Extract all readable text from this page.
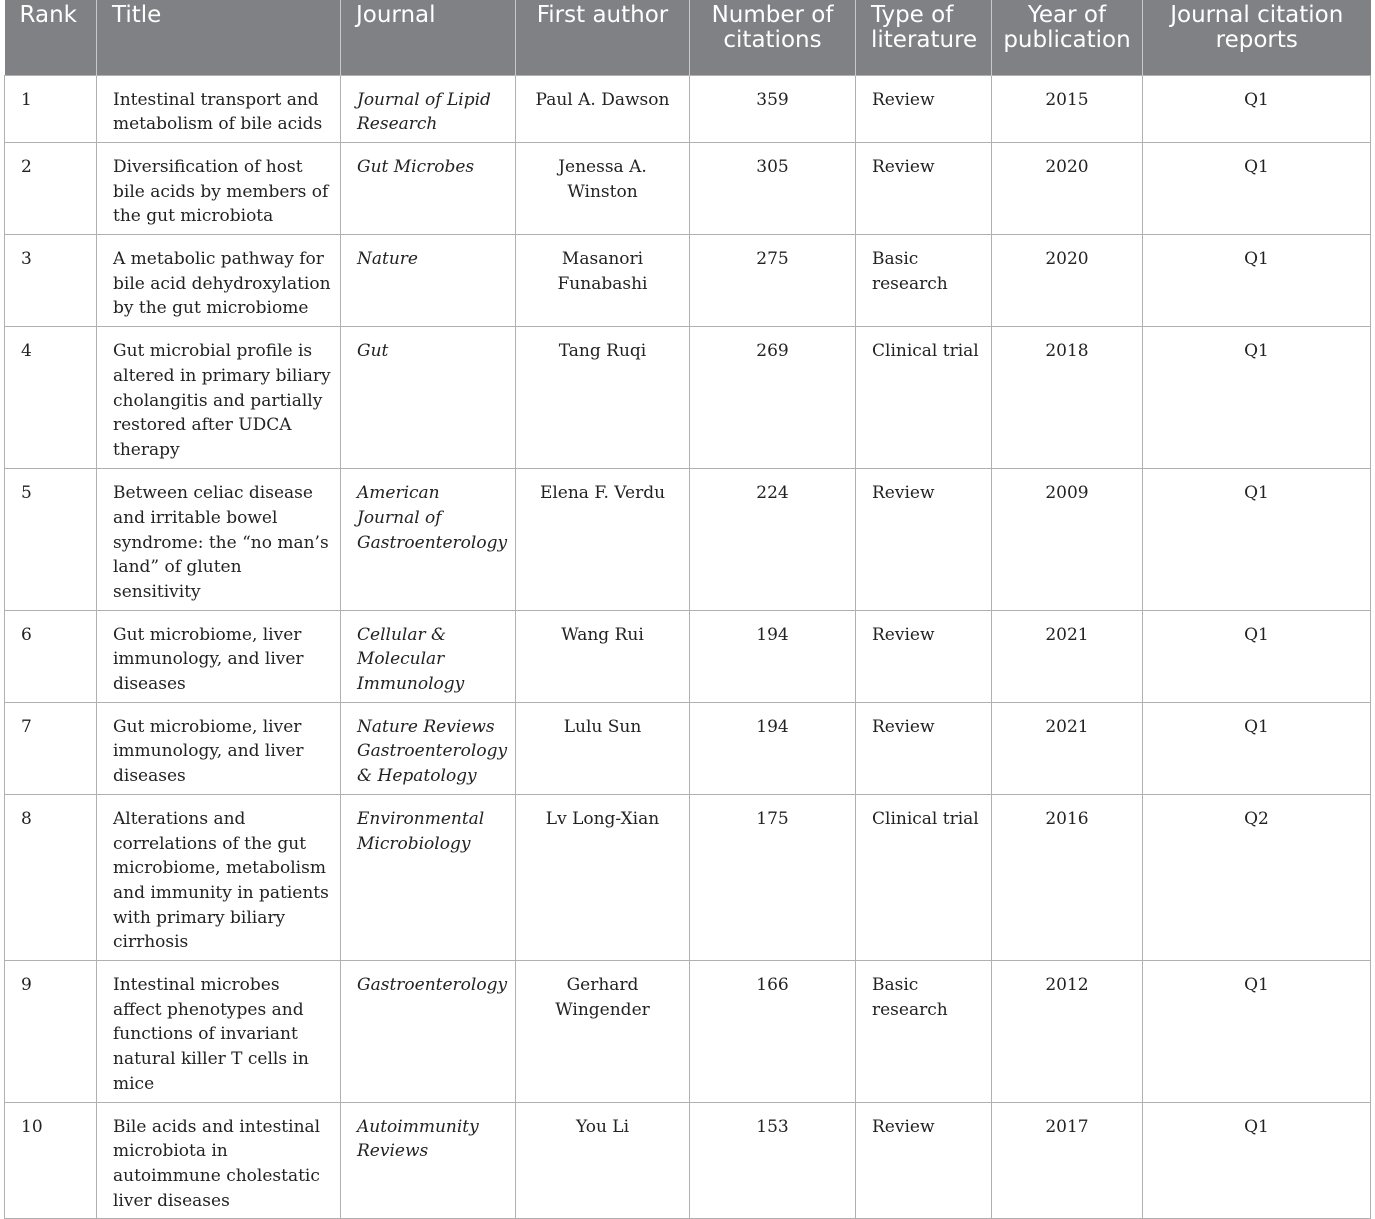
Rank	Title	Journal	First author	Number of citations	Type of literature	Year of publication	Journal citation reports
1	Intestinal transport and metabolism of bile acids	Journal of Lipid Research	Paul A. Dawson	359	Review	2015	Q1
2	Diversification of host bile acids by members of the gut microbiota	Gut Microbes	Jenessa A. Winston	305	Review	2020	Q1
3	A metabolic pathway for bile acid dehydroxylation by the gut microbiome	Nature	Masanori Funabashi	275	Basic research	2020	Q1
4	Gut microbial profile is altered in primary biliary cholangitis and partially restored after UDCA therapy	Gut	Tang Ruqi	269	Clinical trial	2018	Q1
5	Between celiac disease and irritable bowel syndrome: the “no man’s land” of gluten sensitivity	American Journal of Gastroenterology	Elena F. Verdu	224	Review	2009	Q1
6	Gut microbiome, liver immunology, and liver diseases	Cellular & Molecular Immunology	Wang Rui	194	Review	2021	Q1
7	Gut microbiome, liver immunology, and liver diseases	Nature Reviews Gastroenterology & Hepatology	Lulu Sun	194	Review	2021	Q1
8	Alterations and correlations of the gut microbiome, metabolism and immunity in patients with primary biliary cirrhosis	Environmental Microbiology	Lv Long-Xian	175	Clinical trial	2016	Q2
9	Intestinal microbes affect phenotypes and functions of invariant natural killer T cells in mice	Gastroenterology	Gerhard Wingender	166	Basic research	2012	Q1
10	Bile acids and intestinal microbiota in autoimmune cholestatic liver diseases	Autoimmunity Reviews	You Li	153	Review	2017	Q1
